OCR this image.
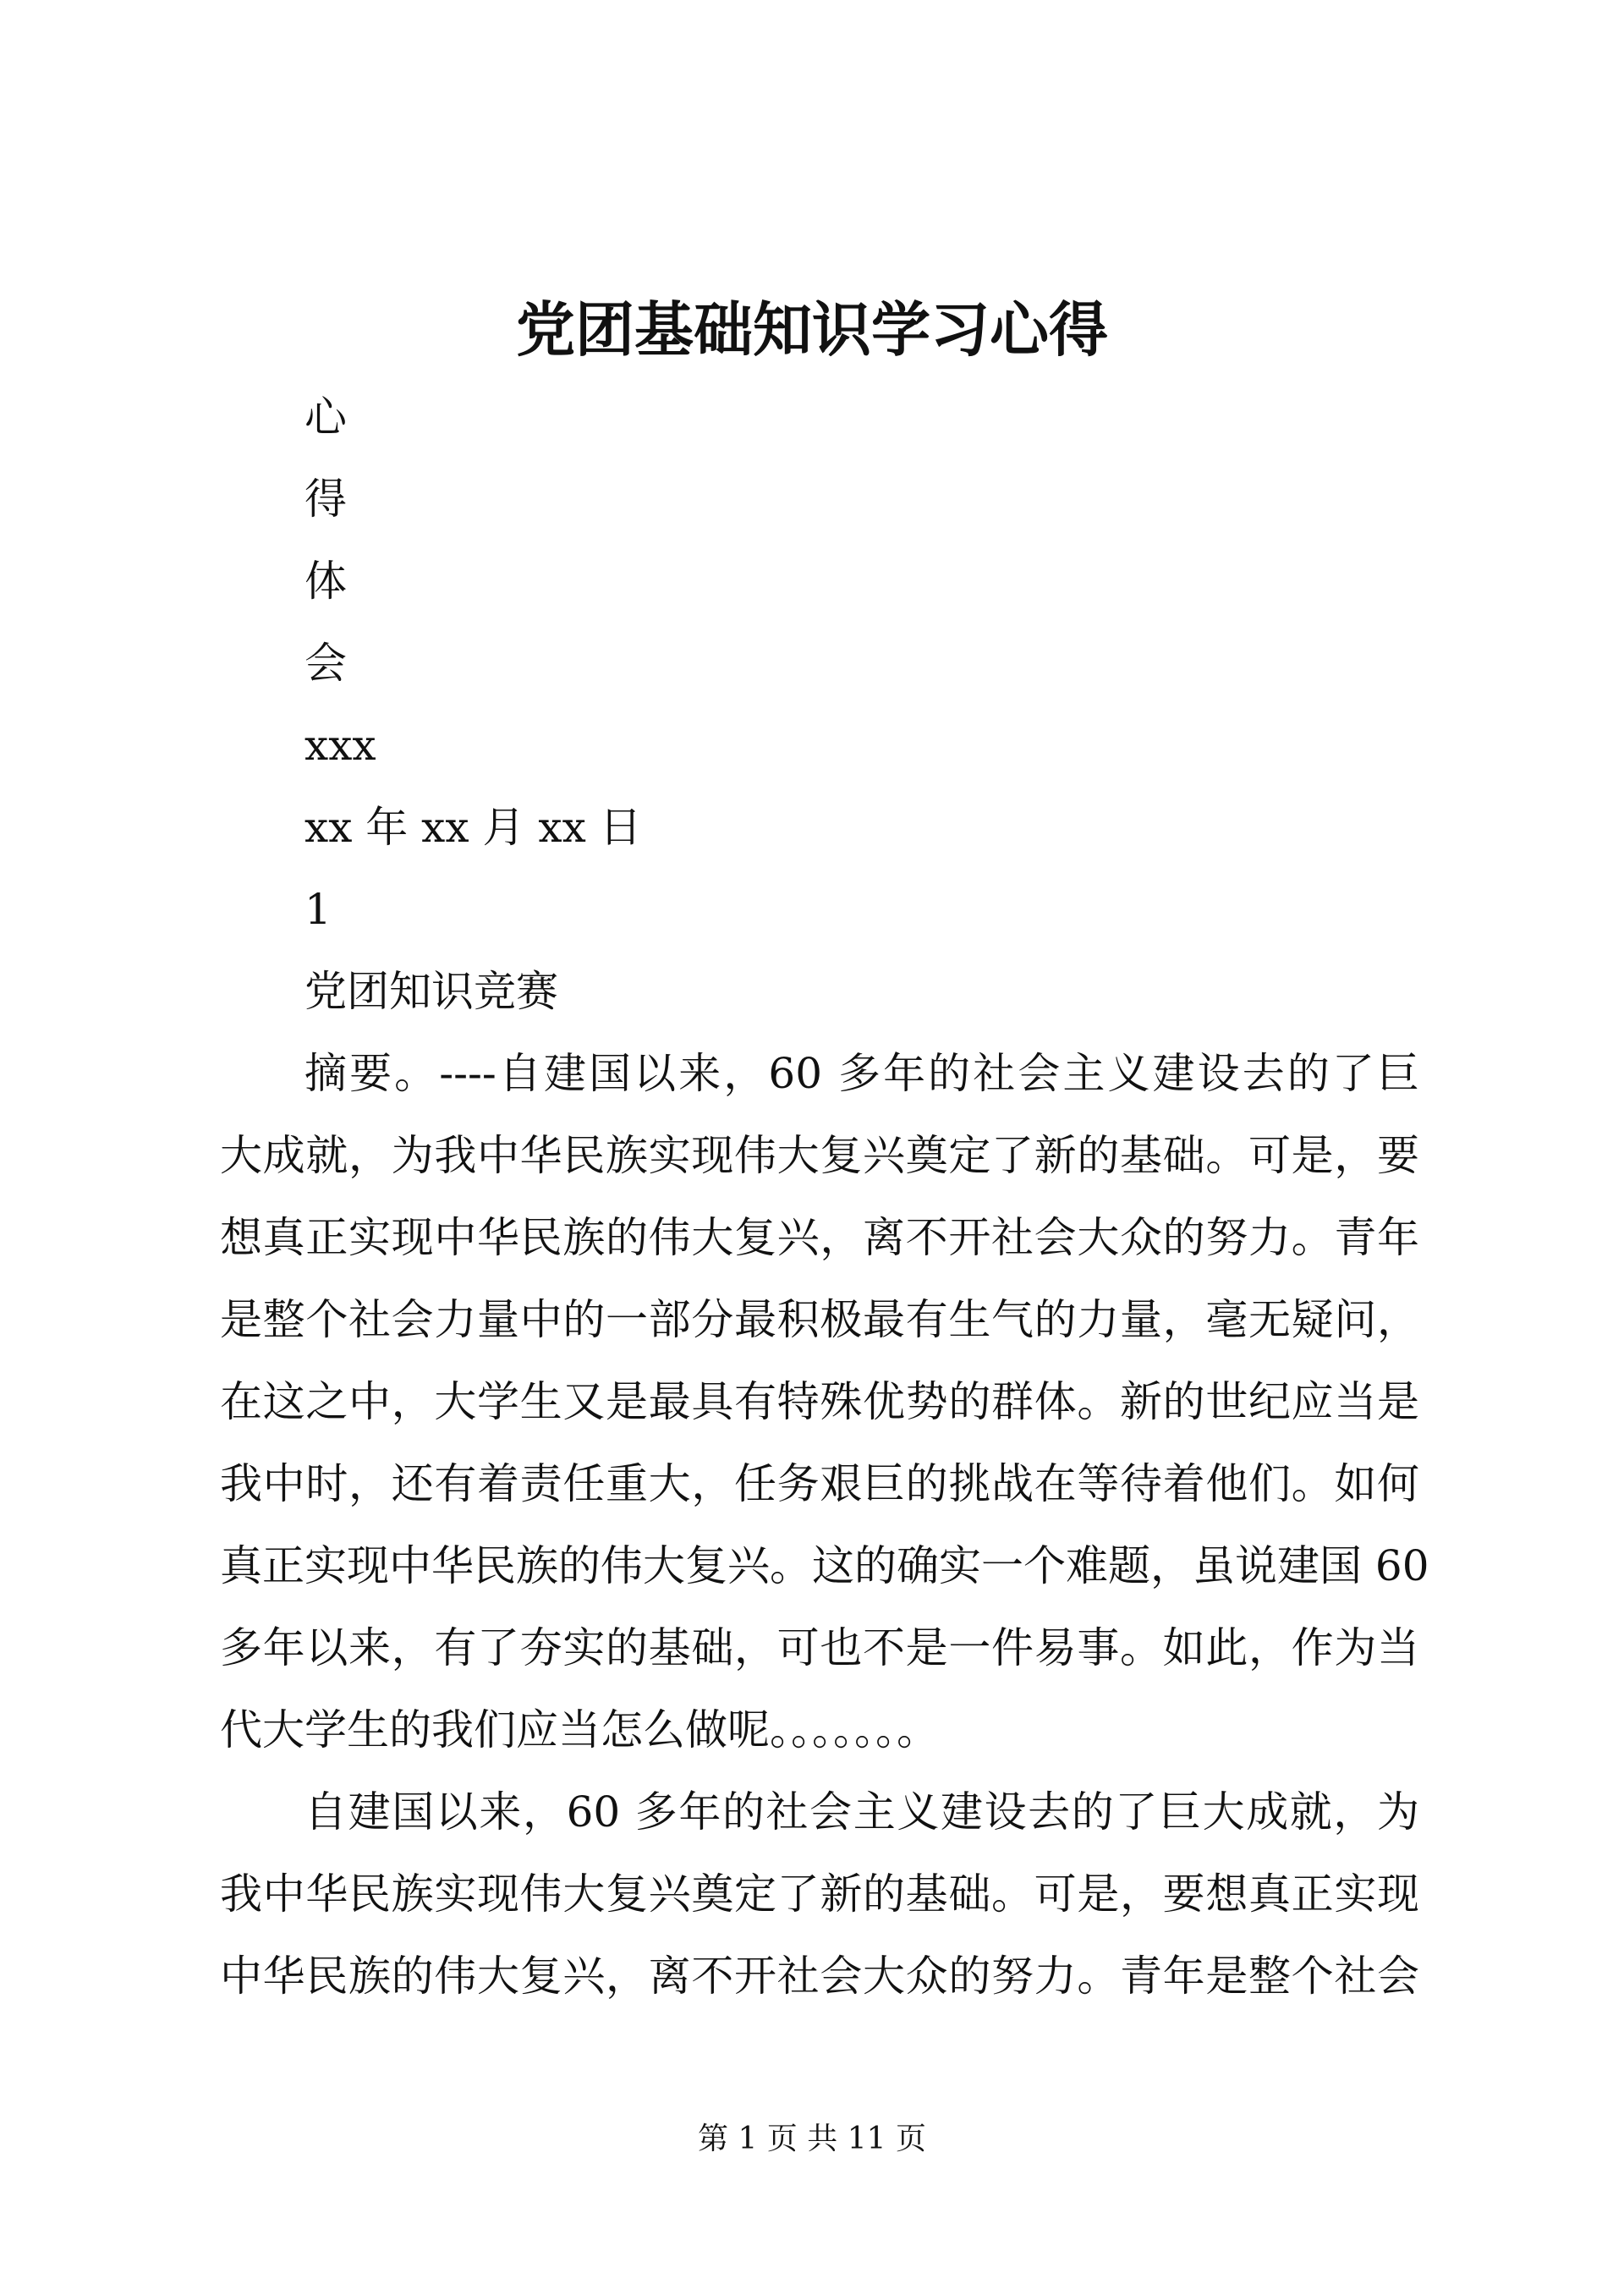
党团基础知识学习心得
心
得
体
会
xxx
xx 年 xx 月 xx 日
1
党团知识竞赛
摘要。----自建国以来，60 多年的社会主义建设去的了巨
大成就，为我中华民族实现伟大复兴奠定了新的基础。可是，要
想真正实现中华民族的伟大复兴，离不开社会大众的努力。青年
是整个社会力量中的一部分最积极最有生气的力量，毫无疑问，
在这之中，大学生又是最具有特殊优势的群体。新的世纪应当是
我中时，还有着责任重大，任务艰巨的挑战在等待着他们。如何
真正实现中华民族的伟大复兴。这的确实一个难题，虽说建国 60
多年以来，有了夯实的基础，可也不是一件易事。如此，作为当
代大学生的我们应当怎么做呢。。。。。。。
自建国以来，60 多年的社会主义建设去的了巨大成就，为
我中华民族实现伟大复兴奠定了新的基础。可是，要想真正实现
中华民族的伟大复兴，离不开社会大众的努力。青年是整个社会
第 1 页 共 11 页
